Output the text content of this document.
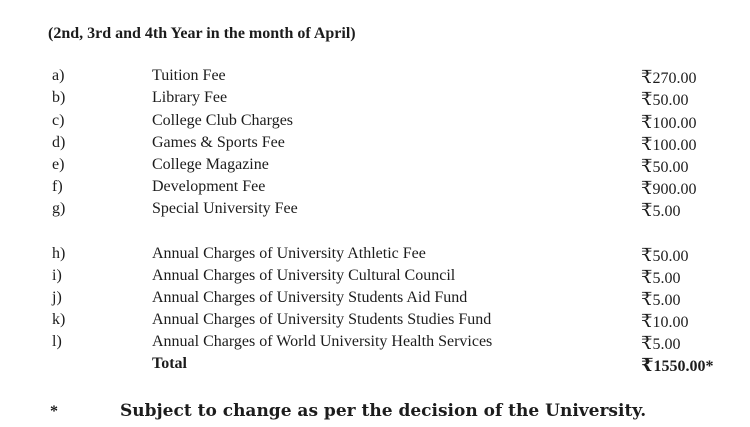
(2nd, 3rd and 4th Year in the month of April)
a)	Tuition Fee	₹270.00
b)	Library Fee	₹50.00
c)	College Club Charges	₹100.00
d)	Games & Sports Fee	₹100.00
e)	College Magazine	₹50.00
f)	Development Fee	₹900.00
g)	Special University Fee	₹5.00
h)	Annual Charges of University Athletic Fee	₹50.00
i)	Annual Charges of University Cultural Council	₹5.00
j)	Annual Charges of University Students Aid Fund	₹5.00
k)	Annual Charges of University Students Studies Fund	₹10.00
l)	Annual Charges of World University Health Services	₹5.00
Total	₹1550.00*
*	Subject to change as per the decision of the University.
